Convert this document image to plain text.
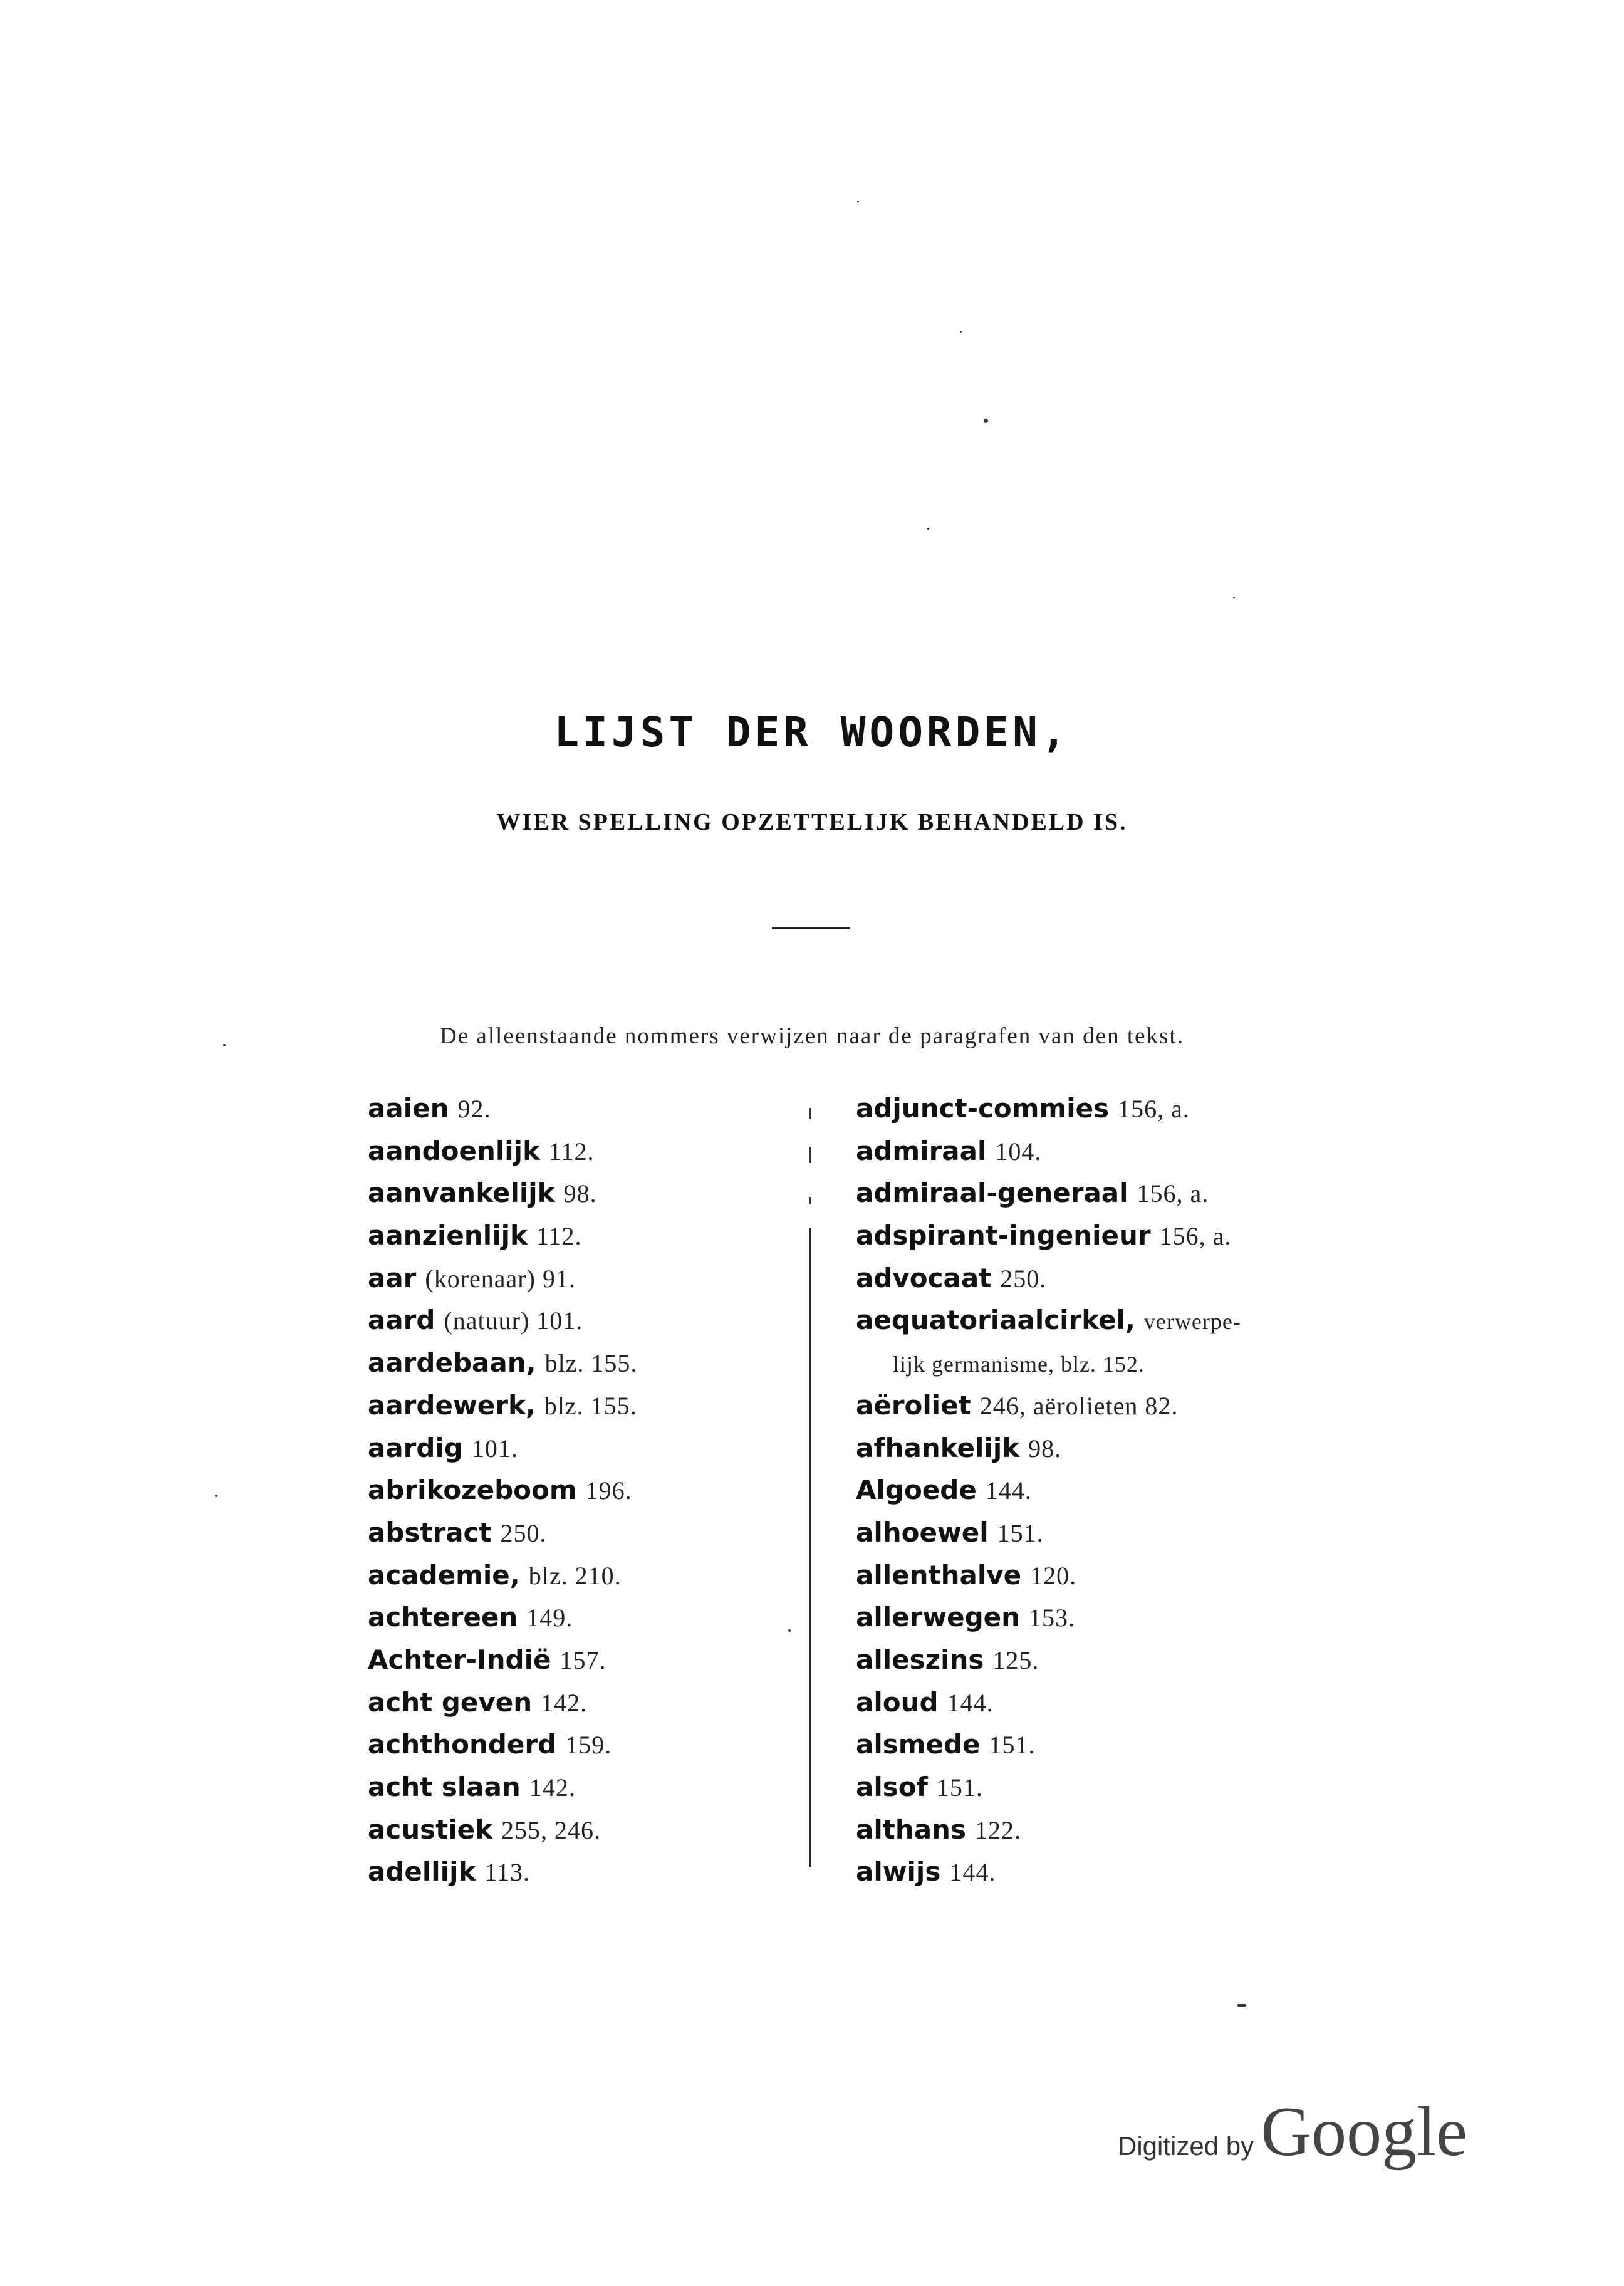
LIJST DER WOORDEN,
WIER SPELLING OPZETTELIJK BEHANDELD IS.
De alleenstaande nommers verwijzen naar de paragrafen van den tekst.
aaien 92.
aandoenlijk 112.
aanvankelijk 98.
aanzienlijk 112.
aar (korenaar) 91.
aard (natuur) 101.
aardebaan, blz. 155.
aardewerk, blz. 155.
aardig 101.
abrikozeboom 196.
abstract 250.
academie, blz. 210.
achtereen 149.
Achter-Indië 157.
acht geven 142.
achthonderd 159.
acht slaan 142.
acustiek 255, 246.
adellijk 113.
adjunct-commies 156, a.
admiraal 104.
admiraal-generaal 156, a.
adspirant-ingenieur 156, a.
advocaat 250.
aequatoriaalcirkel, verwerpe-
lijk germanisme, blz. 152.
aëroliet 246, aërolieten 82.
afhankelijk 98.
Algoede 144.
alhoewel 151.
allenthalve 120.
allerwegen 153.
alleszins 125.
aloud 144.
alsmede 151.
alsof 151.
althans 122.
alwijs 144.
Digitized by Google
